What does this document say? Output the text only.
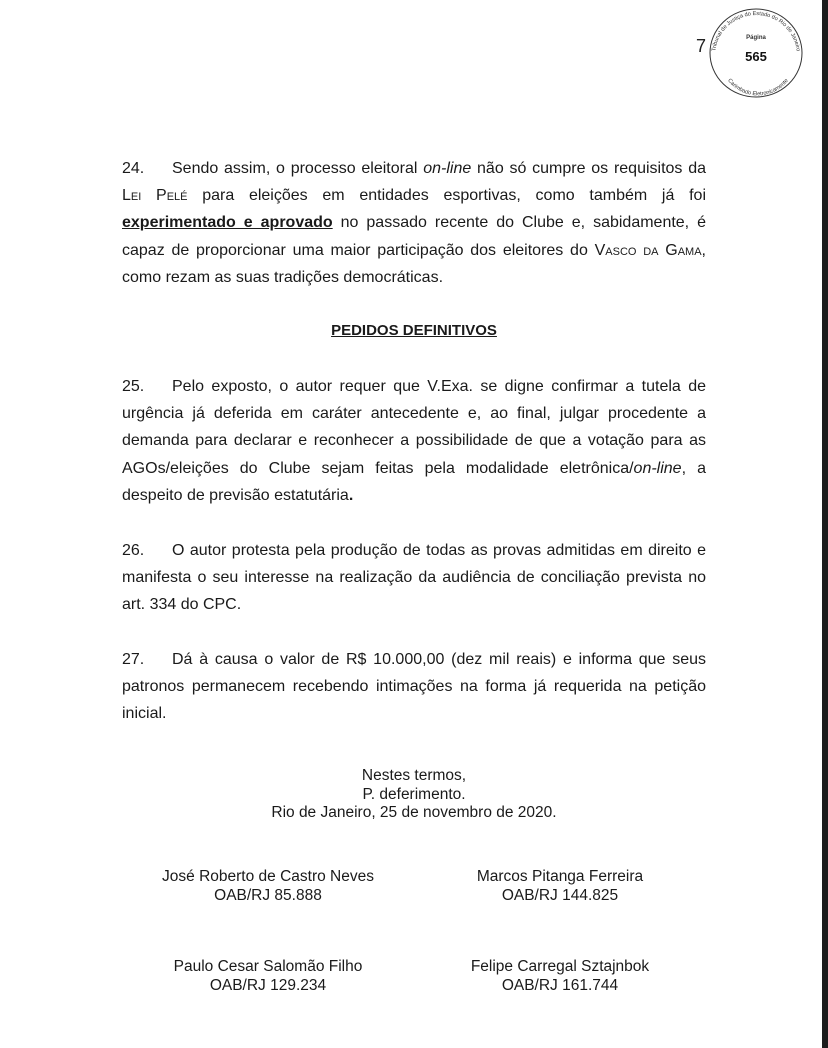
7 Tribunal de Justiça do Estado do Rio de Janeiro
Página
565
Carimbado Eletronicamente
24. Sendo assim, o processo eleitoral on-line não só cumpre os requisitos da Lei Pelé para eleições em entidades esportivas, como também já foi experimentado e aprovado no passado recente do Clube e, sabidamente, é capaz de proporcionar uma maior participação dos eleitores do Vasco da Gama, como rezam as suas tradições democráticas.
PEDIDOS DEFINITIVOS
25. Pelo exposto, o autor requer que V.Exa. se digne confirmar a tutela de urgência já deferida em caráter antecedente e, ao final, julgar procedente a demanda para declarar e reconhecer a possibilidade de que a votação para as AGOs/eleições do Clube sejam feitas pela modalidade eletrônica/on-line, a despeito de previsão estatutária.
26. O autor protesta pela produção de todas as provas admitidas em direito e manifesta o seu interesse na realização da audiência de conciliação prevista no art. 334 do CPC.
27. Dá à causa o valor de R$ 10.000,00 (dez mil reais) e informa que seus patronos permanecem recebendo intimações na forma já requerida na petição inicial.
Nestes termos,
P. deferimento.
Rio de Janeiro, 25 de novembro de 2020.
José Roberto de Castro Neves
OAB/RJ 85.888
Marcos Pitanga Ferreira
OAB/RJ 144.825
Paulo Cesar Salomão Filho
OAB/RJ 129.234
Felipe Carregal Sztajnbok
OAB/RJ 161.744
